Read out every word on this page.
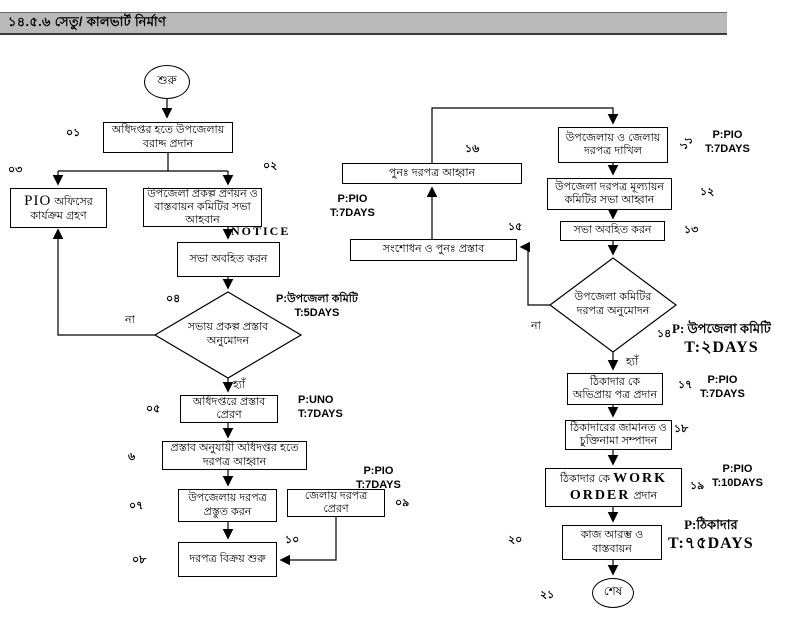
১৪.৫.৬ সেতু/ কালভার্ট নির্মাণ
শুরু
শেষ
অধিদপ্তর হতে উপজেলায় বরাদ্দ প্রদান
PIO অফিসের কার্যক্রম গ্রহণ
উপজেলা প্রকল্প প্রণয়ন ও বাস্তবায়ন কমিটির সভা আহবান
NOTICE
সভা অবহিত করন
সভায় প্রকল্প প্রস্তাব অনুমোদন
অধিদপ্তরে প্রস্তাব প্রেরণ
প্রস্তাব অনুযায়ী অধিদপ্তর হতে দরপত্র আহ্বান
উপজেলায় দরপত্র প্রস্তুত করন
জেলায় দরপত্র প্রেরণ
দরপত্র বিক্রয় শুরু
পুনঃ দরপত্র আহ্বান
সংশোধন ও পুনঃ প্রস্তাব
উপজেলায় ও জেলায় দরপত্র দাখিল
উপজেলা দরপত্র মূল্যায়ন কমিটির সভা আহ্বান
সভা অবহিত করন
উপজেলা কমিটির দরপত্র অনুমোদন
ঠিকাদার কে অভিপ্রায় পত্র প্রদান
ঠিকাদারের জামানত ও চুক্তিনামা সম্পাদন
ঠিকাদার কে WORK ORDER প্রদান
কাজ আরম্ভ ও বাস্তবায়ন
০১
০২
০৩
০৪
০৫
৬
০৭
০৮
০৯
১০
১১
১২
১৩
১৪
১৫
১৬
১৭
১৮
১৯
২০
২১
না
হ্যাঁ
না
হ্যাঁ
P:উপজেলা কমিটি
T:5DAYS
P:UNO
T:7DAYS
P:PIO
T:7DAYS
P:PIO
T:7DAYS
P:PIO
T:7DAYS
P: উপজেলা কমিটি
T:২DAYS
P:PIO
T:7DAYS
P:PIO
T:10DAYS
P:ঠিকাদার
T:৭৫DAYS
